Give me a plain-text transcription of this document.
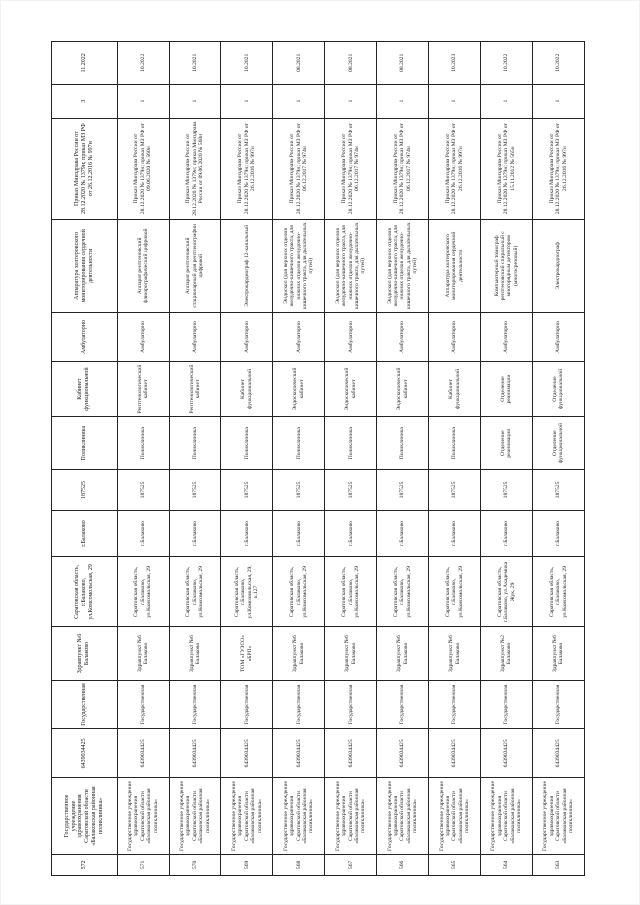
572	Государственное учреждение здравоохранения Саратовской области «Балаковская районная поликлиника»	6439034425	Государственная	Здравпункт №6 Балаково	Саратовская область, г.Балаково, ул.Комсомольская, 29	г.Балаково	187525	Поликлиника	Кабинет функциональной	Амбулаторно	Аппаратура холтеровского мониторирования сердечной деятельности	Приказ Минздрава России от 28.12.2020 № 1379н; приказ МЗ РФ от 26.12.2016 № 997н	3	11.2022
571	Государственное учреждение здравоохранения Саратовской области «Балаковская районная поликлиника»	6439034425	Государственная	Здравпункт №6 Балаково	Саратовская область, г.Балаково, ул.Комсомольская, 29	г.Балаково	187525	Поликлиника	Рентгенологический кабинет	Амбулаторно	Аппарат рентгеновский флюорографический цифровой	Приказ Минздрава России от 28.12.2020 № 1379н; приказ МЗ РФ от 09.06.2020 № 560н	1	10.2022
570	Государственное учреждение здравоохранения Саратовской области «Балаковская районная поликлиника»	6439034425	Государственная	Здравпункт №6 Балаково	Саратовская область, г.Балаково, ул.Комсомольская, 29	г.Балаково	187525	Поликлиника	Рентгенологический кабинет	Амбулаторно	Аппарат рентгеновский стационарный для рентгенографии цифровой	Приказ Минздрава России от 28.12.2020 № 1379н; приказ Минздрава России от 09.06.2020 № 560н	1	10.2021
569	Государственное учреждение здравоохранения Саратовской области «Балаковская районная поликлиника»	6439034425	Государственная	ТОМ «ГУЗСО» «БРП»	Саратовская область, г.Балаково, ул.Комсомольская, 29, к.127	г.Балаково	187525	Поликлиника	Кабинет функциональной	Амбулаторно	Электрокардиограф 12-канальный	Приказ Минздрава России от 28.12.2020 № 1379н; приказ МЗ РФ от 26.12.2016 № 997н	1	10.2021
568	Государственное учреждение здравоохранения Саратовской области «Балаковская районная поликлиника»	6439034425	Государственная	Здравпункт №6 Балаково	Саратовская область, г.Балаково, ул.Комсомольская, 29	г.Балаково	187525	Поликлиника	Эндоскопический кабинет	Амбулаторно	Эндоскоп (для верхних отделов желудочно-кишечного тракта, для нижних отделов желудочно-кишечного тракта, для дыхательных путей)	Приказ Минздрава России от 28.12.2020 № 1379н; приказ МЗ РФ от 06.12.2017 № 974н	1	08.2021
567	Государственное учреждение здравоохранения Саратовской области «Балаковская районная поликлиника»	6439034425	Государственная	Здравпункт №6 Балаково	Саратовская область, г.Балаково, ул.Комсомольская, 29	г.Балаково	187525	Поликлиника	Эндоскопический кабинет	Амбулаторно	Эндоскоп (для верхних отделов желудочно-кишечного тракта, для нижних отделов желудочно-кишечного тракта, для дыхательных путей)	Приказ Минздрава России от 28.12.2020 № 1379н; приказ МЗ РФ от 06.12.2017 № 974н	1	08.2021
566	Государственное учреждение здравоохранения Саратовской области «Балаковская районная поликлиника»	6439034425	Государственная	Здравпункт №6 Балаково	Саратовская область, г.Балаково, ул.Комсомольская, 29	г.Балаково	187525	Поликлиника	Эндоскопический кабинет	Амбулаторно	Эндоскоп (для верхних отделов желудочно-кишечного тракта, для нижних отделов желудочно-кишечного тракта, для дыхательных путей)	Приказ Минздрава России от 28.12.2020 № 1379н; приказ МЗ РФ от 06.12.2017 № 974н	1	08.2021
565	Государственное учреждение здравоохранения Саратовской области «Балаковская районная поликлиника»	6439034425	Государственная	Здравпункт №6 Балаково	Саратовская область, г.Балаково, ул.Комсомольская, 29	г.Балаково	187525	Поликлиника	Кабинет функциональной	Амбулаторно	Аппаратура холтеровского мониторирования сердечной деятельности	Приказ Минздрава России от 28.12.2020 № 1379н; приказ МЗ РФ от 26.12.2016 № 997н	1	10.2023
564	Государственное учреждение здравоохранения Саратовской области «Балаковская районная поликлиника»	6439034425	Государственная	Здравпункт №2 Балаково	Саратовская область, г.Балаково, ул.Академика Жук, 29	г.Балаково	187525	Отделение реанимации	Отделение реанимации	Амбулаторно	Компьютерный томограф рентгеновский спиральный с многорядным детектором (многосрезовый)	Приказ Минздрава России от 28.12.2020 № 1379н; приказ МЗ РФ от 15.11.2012 № 565н	1	10.2022
563	Государственное учреждение здравоохранения Саратовской области «Балаковская районная поликлиника»	6439034425	Государственная	Здравпункт №6 Балаково	Саратовская область, г.Балаково, ул.Комсомольская, 29	г.Балаково	187525	Отделение функциональной	Отделение функциональной	Амбулаторно	Электрокардиограф	Приказ Минздрава России от 28.12.2020 № 1379н; приказ МЗ РФ от 26.12.2016 № 997н	1	10.2022
